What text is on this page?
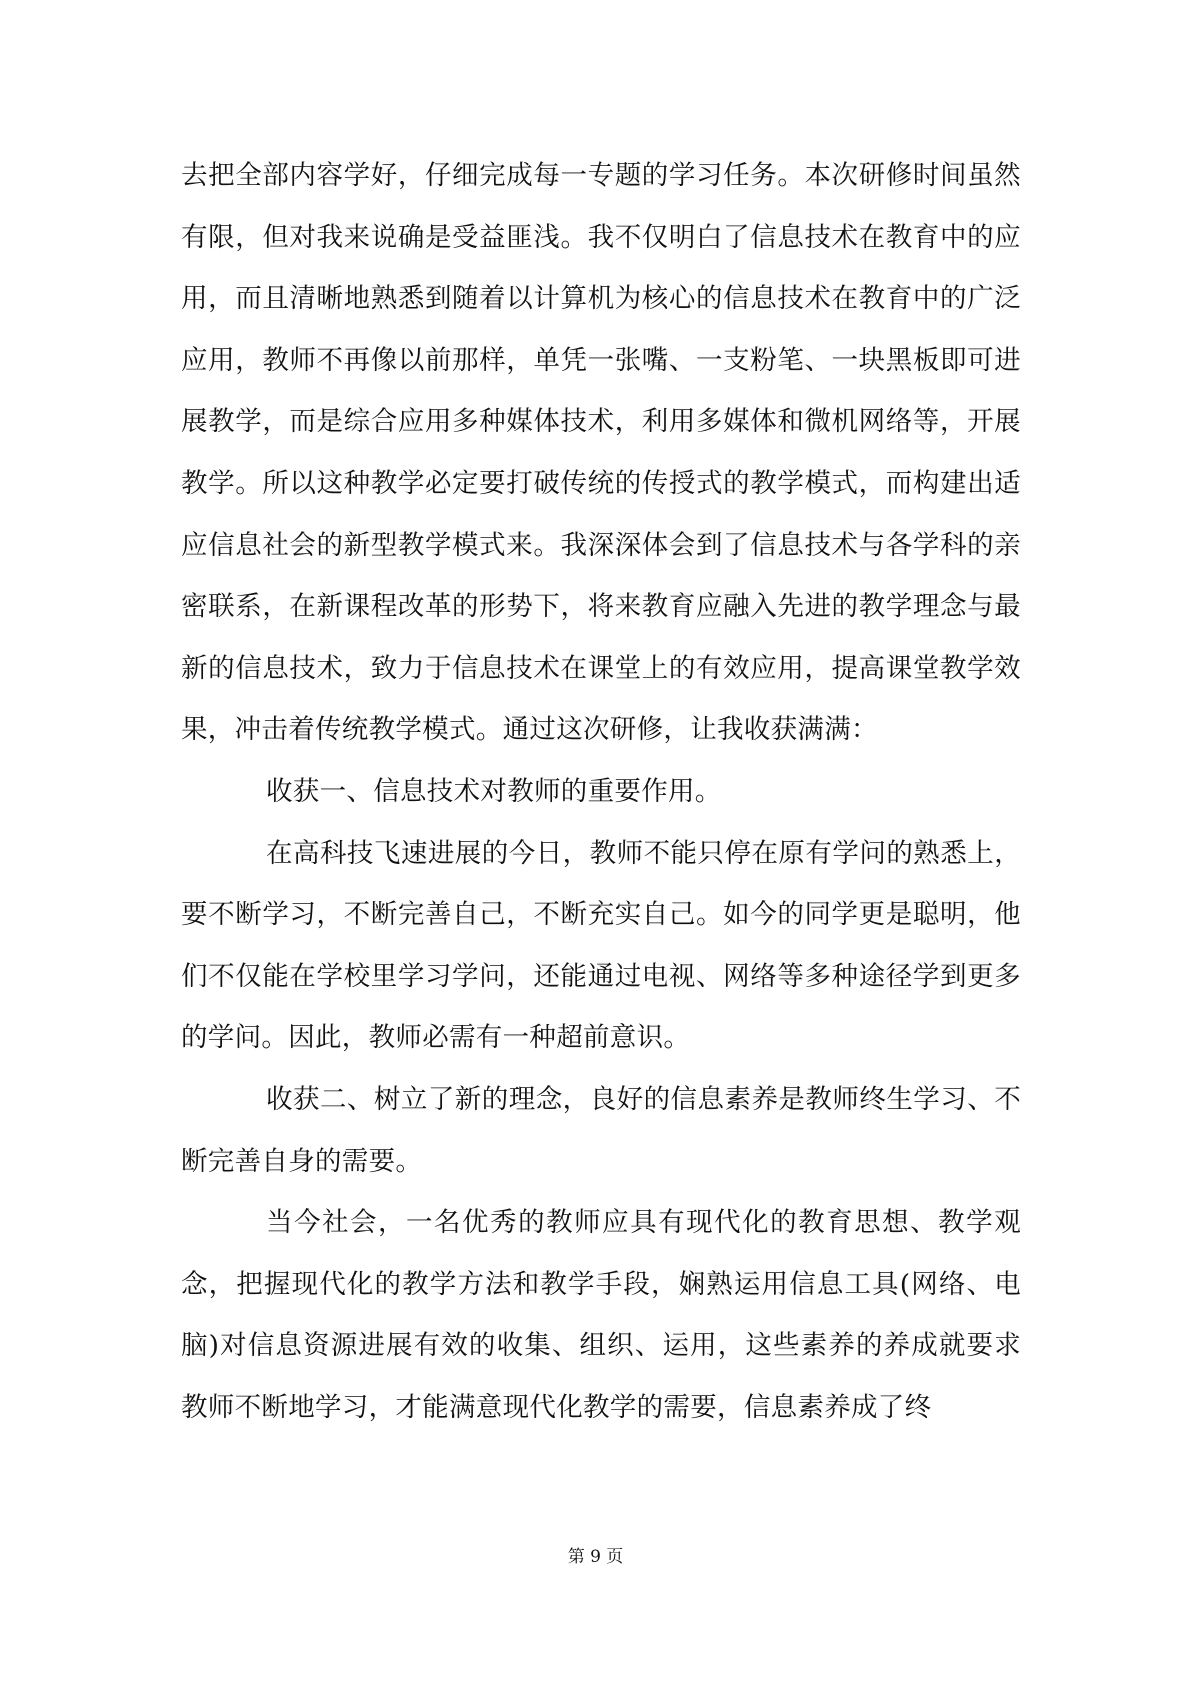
去把全部内容学好，仔细完成每一专题的学习任务。本次研修时间虽然有限，但对我来说确是受益匪浅。我不仅明白了信息技术在教育中的应用，而且清晰地熟悉到随着以计算机为核心的信息技术在教育中的广泛应用，教师不再像以前那样，单凭一张嘴、一支粉笔、一块黑板即可进展教学，而是综合应用多种媒体技术，利用多媒体和微机网络等，开展教学。所以这种教学必定要打破传统的传授式的教学模式，而构建出适应信息社会的新型教学模式来。我深深体会到了信息技术与各学科的亲密联系，在新课程改革的形势下，将来教育应融入先进的教学理念与最新的信息技术，致力于信息技术在课堂上的有效应用，提高课堂教学效果，冲击着传统教学模式。通过这次研修，让我收获满满：

收获一、信息技术对教师的重要作用。

在高科技飞速进展的今日，教师不能只停在原有学问的熟悉上，要不断学习，不断完善自己，不断充实自己。如今的同学更是聪明，他们不仅能在学校里学习学问，还能通过电视、网络等多种途径学到更多的学问。因此，教师必需有一种超前意识。

收获二、树立了新的理念，良好的信息素养是教师终生学习、不断完善自身的需要。

当今社会，一名优秀的教师应具有现代化的教育思想、教学观念，把握现代化的教学方法和教学手段，娴熟运用信息工具(网络、电脑)对信息资源进展有效的收集、组织、运用，这些素养的养成就要求教师不断地学习，才能满意现代化教学的需要，信息素养成了终

第 9 页
